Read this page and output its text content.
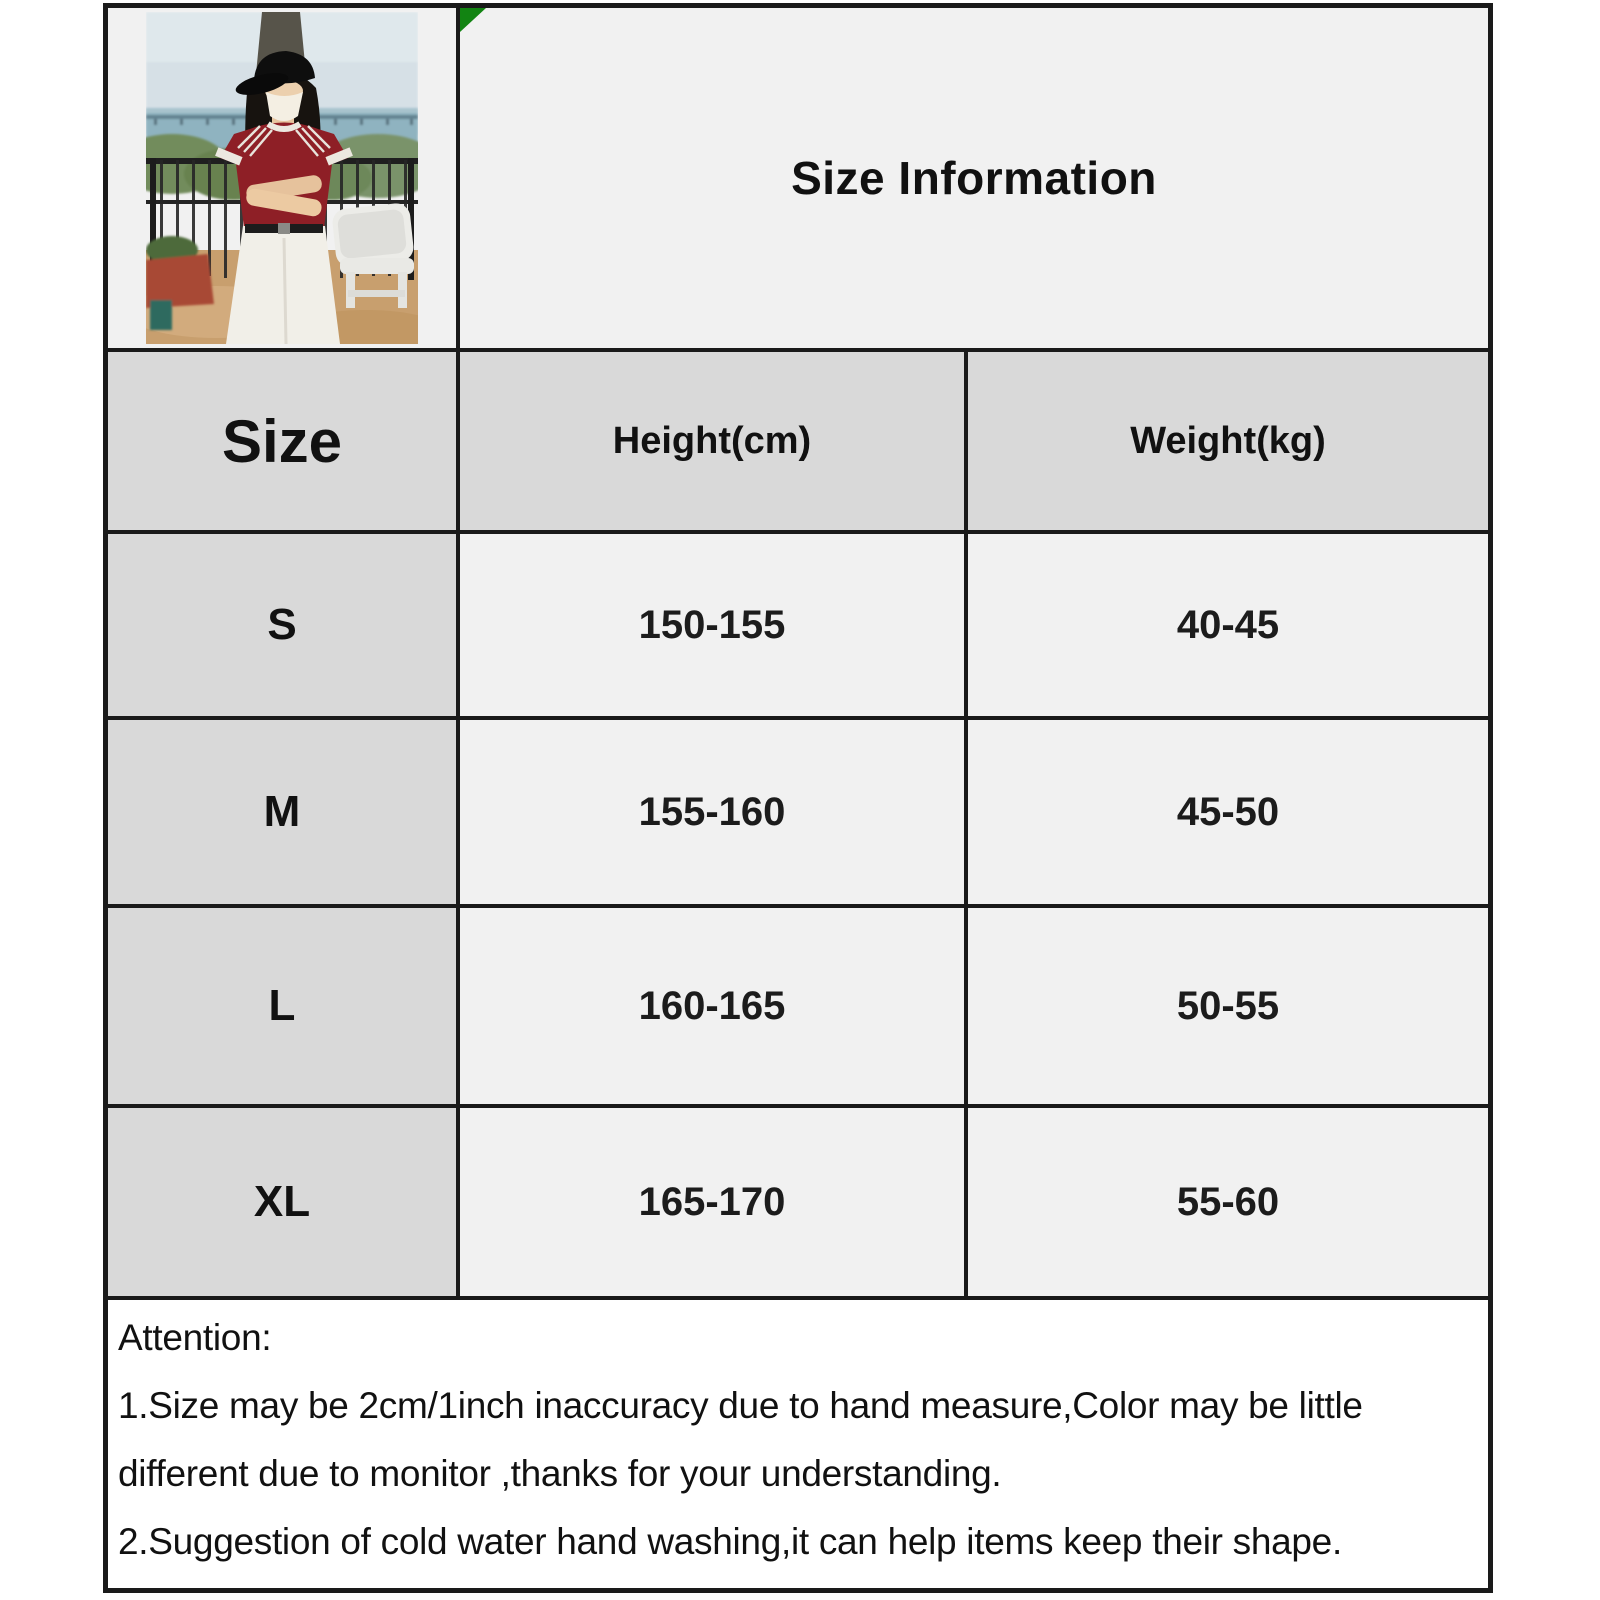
Size Information
Size	Height(cm)	Weight(kg)
S	150-155	40-45
M	155-160	45-50
L	160-165	50-55
XL	165-170	55-60
Attention:
1.Size may be 2cm/1inch inaccuracy due to hand measure,Color may be little
different due to monitor ,thanks for your understanding.
2.Suggestion of cold water hand washing,it can help items keep their shape.
